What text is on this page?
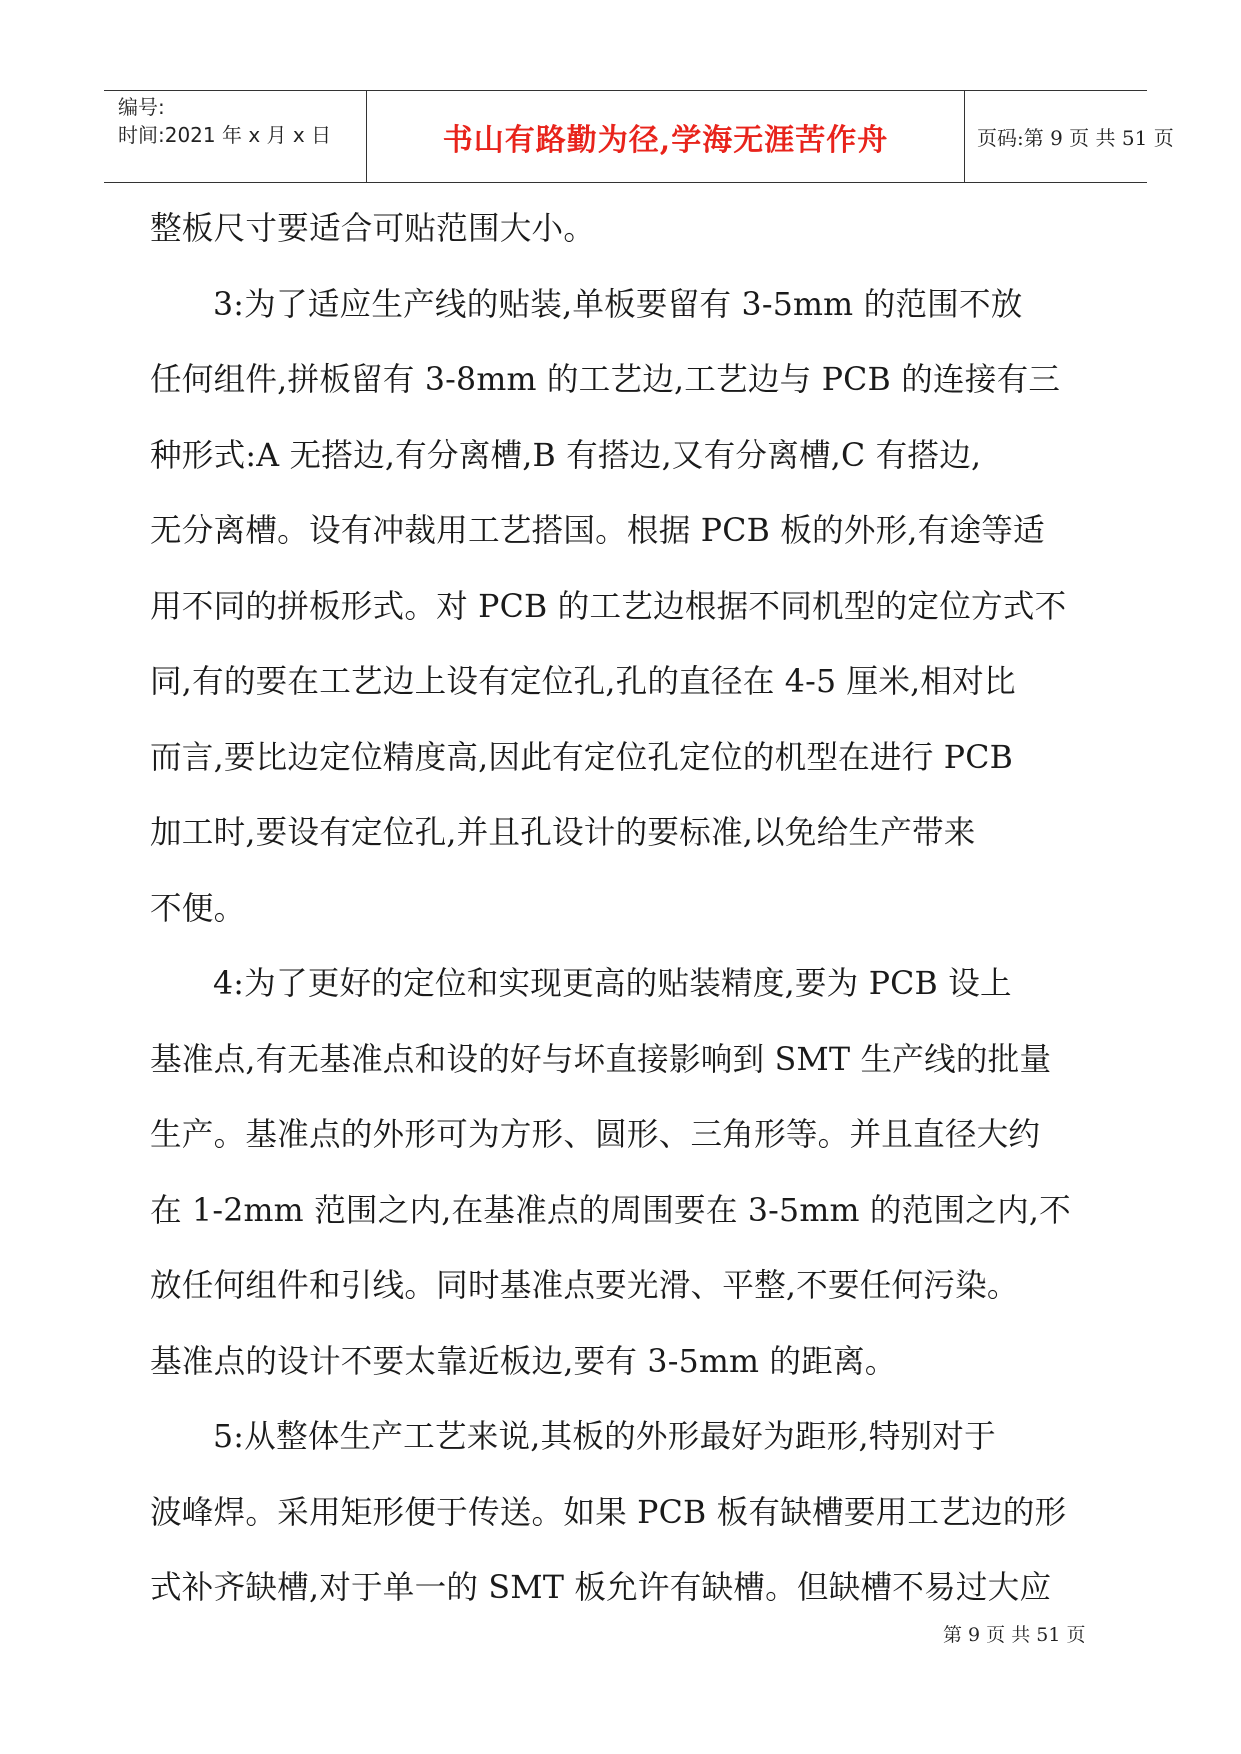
编号:
时间:2021 年 x 月 x 日	书山有路勤为径,学海无涯苦作舟	页码:第 9 页 共 51 页
整板尺寸要适合可贴范围大小。
3:为了适应生产线的贴装,单板要留有 3-5mm 的范围不放
任何组件,拼板留有 3-8mm 的工艺边,工艺边与 PCB 的连接有三
种形式:A 无搭边,有分离槽,B 有搭边,又有分离槽,C 有搭边,
无分离槽。设有冲裁用工艺搭国。根据 PCB 板的外形,有途等适
用不同的拼板形式。对 PCB 的工艺边根据不同机型的定位方式不
同,有的要在工艺边上设有定位孔,孔的直径在 4-5 厘米,相对比
而言,要比边定位精度高,因此有定位孔定位的机型在进行 PCB
加工时,要设有定位孔,并且孔设计的要标准,以免给生产带来
不便。
4:为了更好的定位和实现更高的贴装精度,要为 PCB 设上
基准点,有无基准点和设的好与坏直接影响到 SMT 生产线的批量
生产。基准点的外形可为方形、圆形、三角形等。并且直径大约
在 1-2mm 范围之内,在基准点的周围要在 3-5mm 的范围之内,不
放任何组件和引线。同时基准点要光滑、平整,不要任何污染。
基准点的设计不要太靠近板边,要有 3-5mm 的距离。
5:从整体生产工艺来说,其板的外形最好为距形,特别对于
波峰焊。采用矩形便于传送。如果 PCB 板有缺槽要用工艺边的形
式补齐缺槽,对于单一的 SMT 板允许有缺槽。但缺槽不易过大应
第 9 页 共 51 页
